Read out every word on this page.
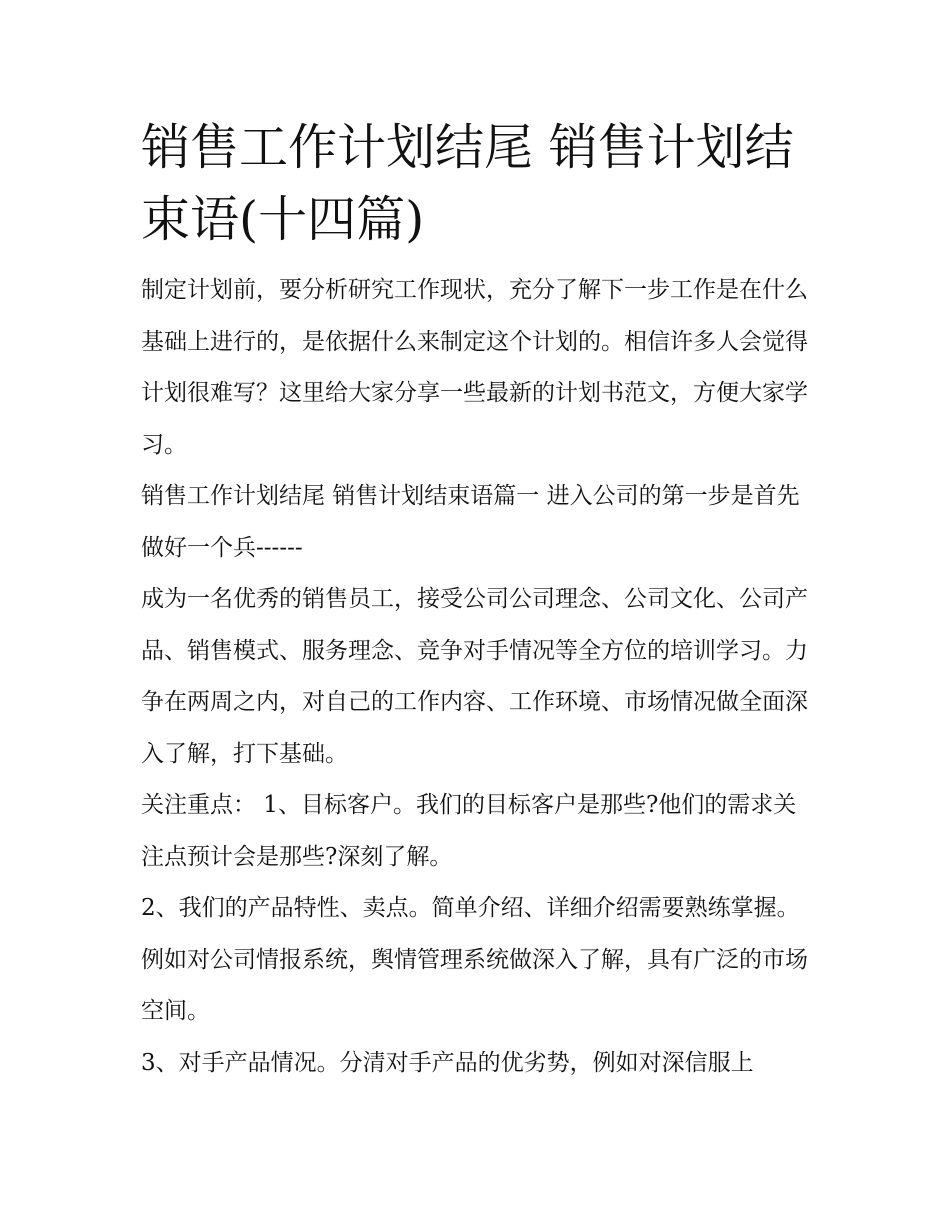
销售工作计划结尾 销售计划结束语(十四篇)

制定计划前，要分析研究工作现状，充分了解下一步工作是在什么基础上进行的，是依据什么来制定这个计划的。相信许多人会觉得计划很难写？这里给大家分享一些最新的计划书范文，方便大家学习。

销售工作计划结尾 销售计划结束语篇一 进入公司的第一步是首先做好一个兵------

成为一名优秀的销售员工，接受公司公司理念、公司文化、公司产品、销售模式、服务理念、竞争对手情况等全方位的培训学习。力争在两周之内，对自己的工作内容、工作环境、市场情况做全面深入了解，打下基础。

关注重点： 1、目标客户。我们的目标客户是那些?他们的需求关注点预计会是那些?深刻了解。

2、我们的产品特性、卖点。简单介绍、详细介绍需要熟练掌握。例如对公司情报系统，舆情管理系统做深入了解，具有广泛的市场空间。

3、对手产品情况。分清对手产品的优劣势，例如对深信服上
